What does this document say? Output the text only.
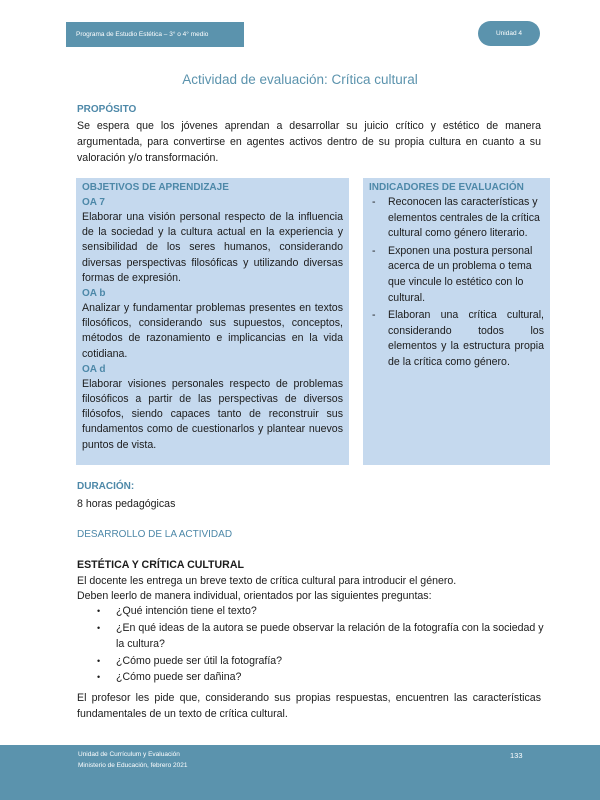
Programa de Estudio Estética – 3° o 4° medio	Unidad 4
Actividad de evaluación: Crítica cultural
PROPÓSITO
Se espera que los jóvenes aprendan a desarrollar su juicio crítico y estético de manera argumentada, para convertirse en agentes activos dentro de su propia cultura en cuanto a su valoración y/o transformación.
OBJETIVOS DE APRENDIZAJE
OA 7
Elaborar una visión personal respecto de la influencia de la sociedad y la cultura actual en la experiencia y sensibilidad de los seres humanos, considerando diversas perspectivas filosóficas y utilizando diversas formas de expresión.
OA b
Analizar y fundamentar problemas presentes en textos filosóficos, considerando sus supuestos, conceptos, métodos de razonamiento e implicancias en la vida cotidiana.
OA d
Elaborar visiones personales respecto de problemas filosóficos a partir de las perspectivas de diversos filósofos, siendo capaces tanto de reconstruir sus fundamentos como de cuestionarlos y plantear nuevos puntos de vista.
INDICADORES DE EVALUACIÓN
- Reconocen las características y elementos centrales de la crítica cultural como género literario.
- Exponen una postura personal acerca de un problema o tema que vincule lo estético con lo cultural.
- Elaboran una crítica cultural, considerando todos los elementos y la estructura propia de la crítica como género.
DURACIÓN:
8 horas pedagógicas
DESARROLLO DE LA ACTIVIDAD
ESTÉTICA Y CRÍTICA CULTURAL
El docente les entrega un breve texto de crítica cultural para introducir el género.
Deben leerlo de manera individual, orientados por las siguientes preguntas:
• ¿Qué intención tiene el texto?
• ¿En qué ideas de la autora se puede observar la relación de la fotografía con la sociedad y la cultura?
• ¿Cómo puede ser útil la fotografía?
• ¿Cómo puede ser dañina?
El profesor les pide que, considerando sus propias respuestas, encuentren las características fundamentales de un texto de crítica cultural.
Unidad de Currículum y Evaluación
Ministerio de Educación, febrero 2021
133
